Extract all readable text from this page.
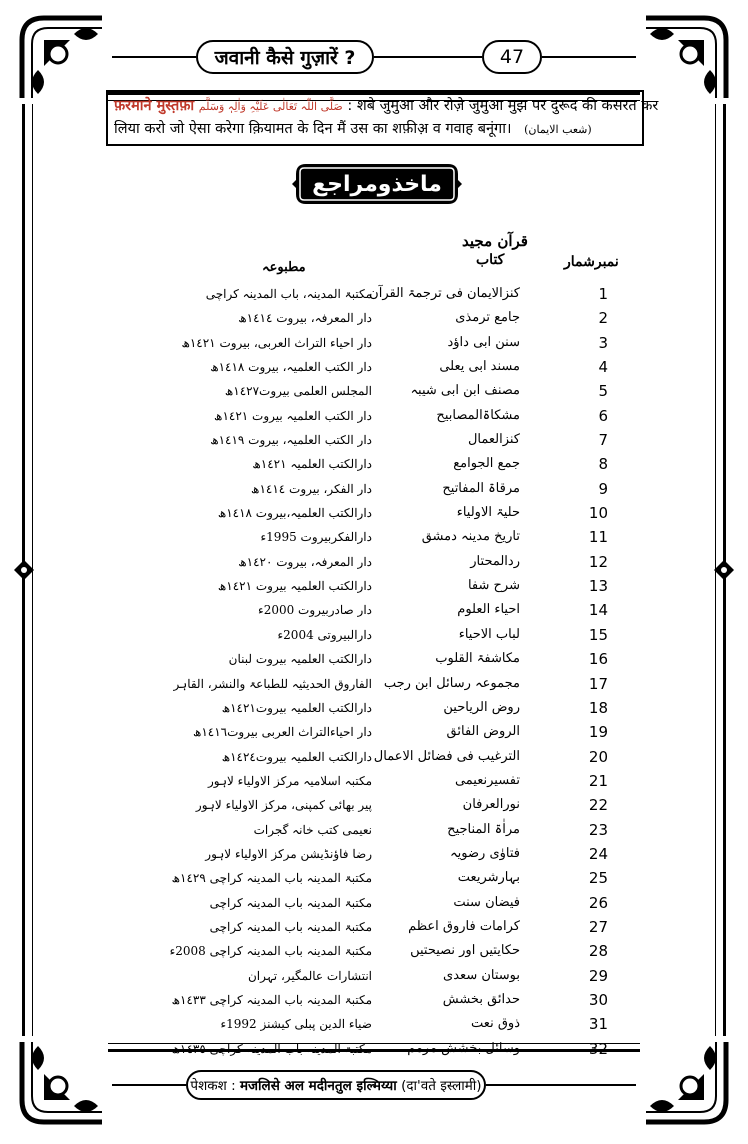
जवानी कैसे गुज़ारें ?	47
फ़रमाने मुस्त़फ़ा صَلَّی اللّٰہ تَعَالٰی عَلَیْہِ وَاٰلِہٖ وَسَلَّم : शबे जुमुआ और रोज़े जुमुआ मुझ पर दुरूद की कसरत कर
लिया करो जो ऐसा करेगा क़ियामत के दिन मैं उस का शफ़ीअ़ व गवाह बनूंगा। (شعب الایمان)
ماخذومراجع
قرآن مجید
نمبرشمار
کتاب
مطبوعہ
1
کنزالایمان فی ترجمۃ القرآن
مکتبۃ المدینہ، باب المدینہ کراچی
2
جامع ترمذی
دار المعرفہ، بیروت ١٤١٤ھ
3
سنن ابی داؤد
دار احیاء التراث العربی، بیروت ١٤٢١ھ
4
مسند ابی یعلی
دار الکتب العلمیہ، بیروت ١٤١٨ھ
5
مصنف ابن ابی شیبہ
المجلس العلمی بیروت١٤٢٧ھ
6
مشکاۃالمصابیح
دار الکتب العلمیہ بیروت ١٤٢١ھ
7
کنزالعمال
دار الکتب العلمیہ، بیروت ١٤١٩ھ
8
جمع الجوامع
دارالکتب العلمیہ ١٤٢١ھ
9
مرقاۃ المفاتیح
دار الفکر، بیروت ١٤١٤ھ
10
حلیۃ الاولیاء
دارالکتب العلمیہ،بیروت ١٤١٨ھ
11
تاریخ مدینہ دمشق
دارالفکربیروت 1995ء
12
ردالمحتار
دار المعرفہ، بیروت ١٤٢٠ھ
13
شرح شفا
دارالکتب العلمیہ بیروت ١٤٢١ھ
14
احیاء العلوم
دار صادربیروت 2000ء
15
لباب الاحیاء
دارالبیروتی 2004ء
16
مکاشفۃ القلوب
دارالکتب العلمیہ بیروت لبنان
17
مجموعہ رسائل ابن رجب
الفاروق الحدیثیہ للطباعۃ والنشر، القاہر
18
روض الریاحین
دارالکتب العلمیہ بیروت١٤٢١ھ
19
الروض الفائق
دار احیاءالتراث العربی بیروت١٤١٦ھ
20
الترغیب فی فضائل الاعمال
دارالکتب العلمیہ بیروت١٤٢٤ھ
21
تفسیرنعیمی
مکتبہ اسلامیہ مرکز الاولیاء لاہور
22
نورالعرفان
پیر بھائی کمپنی، مرکز الاولیاء لاہور
23
مراٰۃ المناجیح
نعیمی کتب خانہ گجرات
24
فتاوٰی رضویہ
رضا فاؤنڈیشن مرکز الاولیاء لاہور
25
بہارشریعت
مکتبۃ المدینہ باب المدینہ کراچی ١٤٢٩ھ
26
فیضان سنت
مکتبۃ المدینہ باب المدینہ کراچی
27
کرامات فاروق اعظم
مکتبۃ المدینہ باب المدینہ کراچی
28
حکایتیں اور نصیحتیں
مکتبۃ المدینہ باب المدینہ کراچی 2008ء
29
بوستان سعدی
انتشارات عالمگیر، تہران
30
حدائق بخشش
مکتبۃ المدینہ باب المدینہ کراچی ١٤٣٣ھ
31
ذوق نعت
ضیاء الدین پبلی کیشنز 1992ء
32
وسائل بخشش مرمم
مکتبۃ المدینہ باب المدینہ کراچی ١٤٣٥ھ
पेशकश :
मजलिसे अल मदीनतुल इल्मिय्या
(दा'वते इस्लामी)
